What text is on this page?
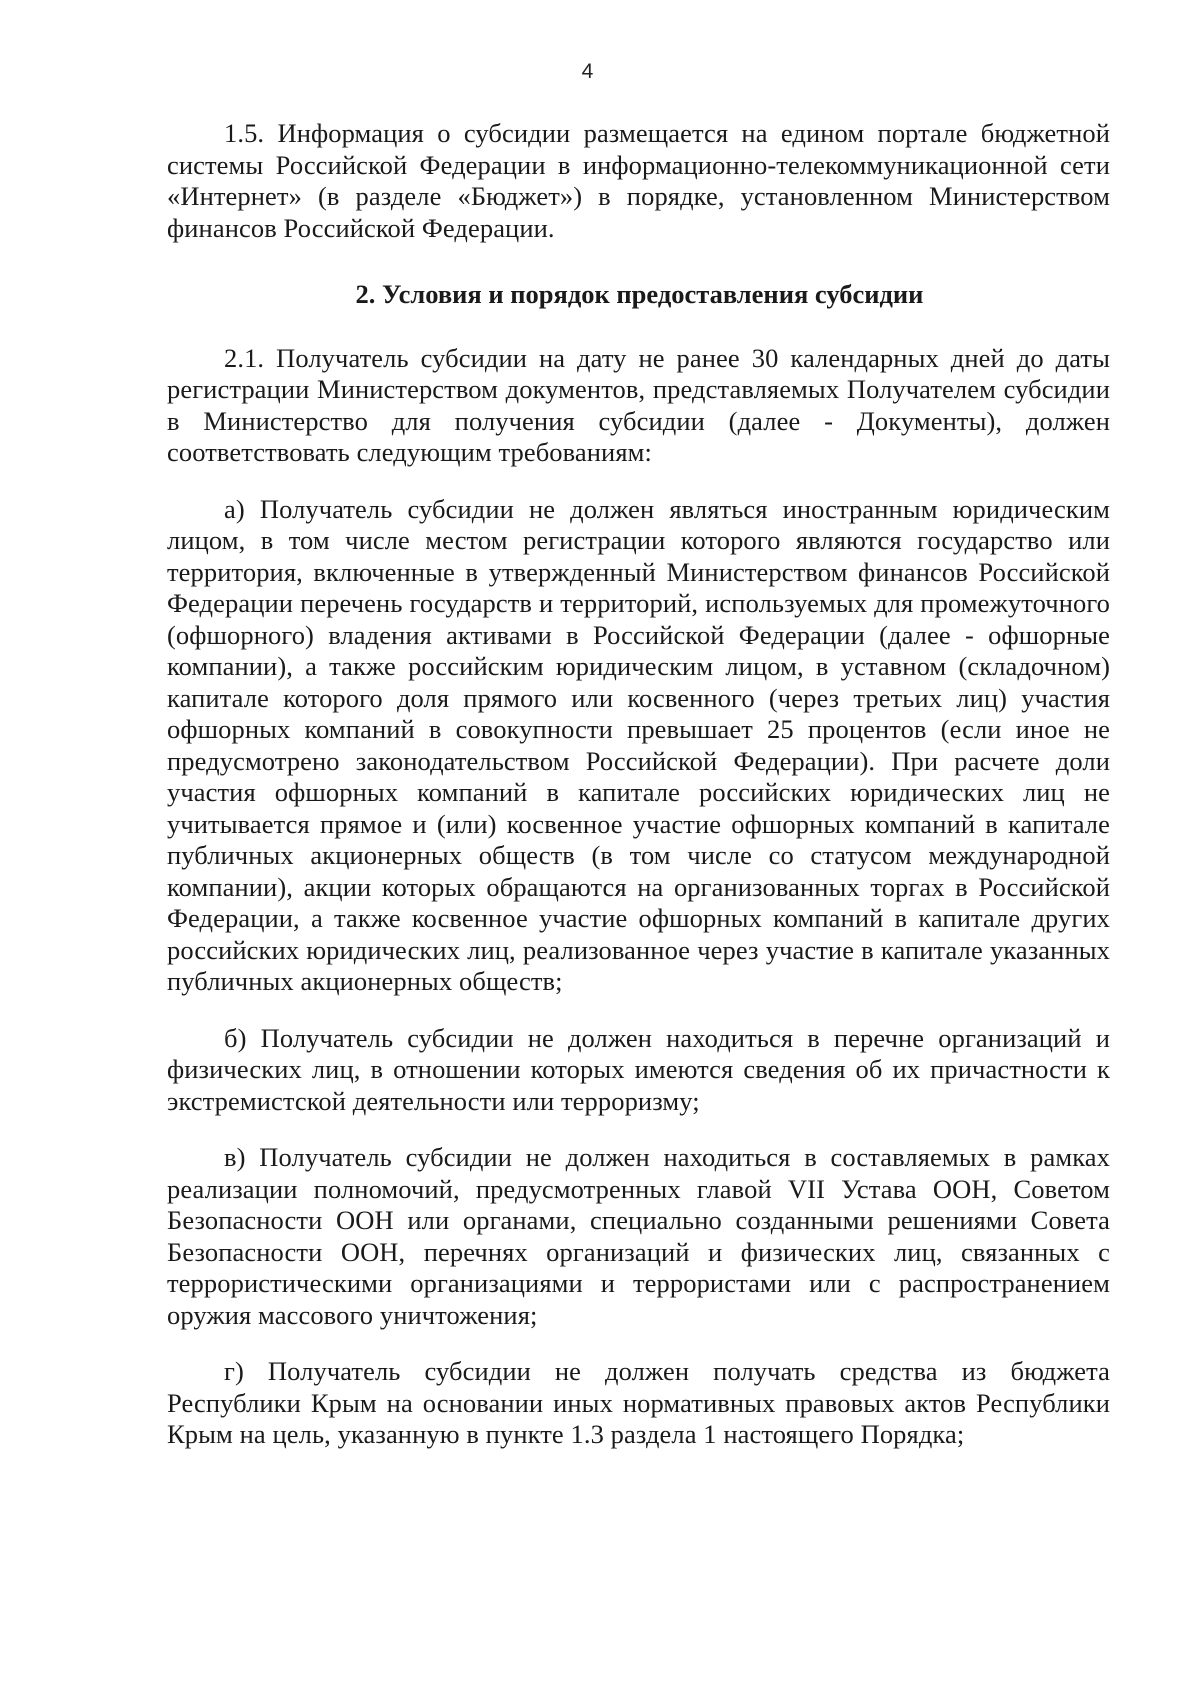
4

1.5. Информация о субсидии размещается на едином портале бюджетной системы Российской Федерации в информационно-телекоммуникационной сети «Интернет» (в разделе «Бюджет») в порядке, установленном Министерством финансов Российской Федерации.

2. Условия и порядок предоставления субсидии

2.1. Получатель субсидии на дату не ранее 30 календарных дней до даты регистрации Министерством документов, представляемых Получателем субсидии в Министерство для получения субсидии (далее - Документы), должен соответствовать следующим требованиям:

а) Получатель субсидии не должен являться иностранным юридическим лицом, в том числе местом регистрации которого являются государство или территория, включенные в утвержденный Министерством финансов Российской Федерации перечень государств и территорий, используемых для промежуточного (офшорного) владения активами в Российской Федерации (далее - офшорные компании), а также российским юридическим лицом, в уставном (складочном) капитале которого доля прямого или косвенного (через третьих лиц) участия офшорных компаний в совокупности превышает 25 процентов (если иное не предусмотрено законодательством Российской Федерации). При расчете доли участия офшорных компаний в капитале российских юридических лиц не учитывается прямое и (или) косвенное участие офшорных компаний в капитале публичных акционерных обществ (в том числе со статусом международной компании), акции которых обращаются на организованных торгах в Российской Федерации, а также косвенное участие офшорных компаний в капитале других российских юридических лиц, реализованное через участие в капитале указанных публичных акционерных обществ;

б) Получатель субсидии не должен находиться в перечне организаций и физических лиц, в отношении которых имеются сведения об их причастности к экстремистской деятельности или терроризму;

в) Получатель субсидии не должен находиться в составляемых в рамках реализации полномочий, предусмотренных главой VII Устава ООН, Советом Безопасности ООН или органами, специально созданными решениями Совета Безопасности ООН, перечнях организаций и физических лиц, связанных с террористическими организациями и террористами или с распространением оружия массового уничтожения;

г) Получатель субсидии не должен получать средства из бюджета Республики Крым на основании иных нормативных правовых актов Республики Крым на цель, указанную в пункте 1.3 раздела 1 настоящего Порядка;
